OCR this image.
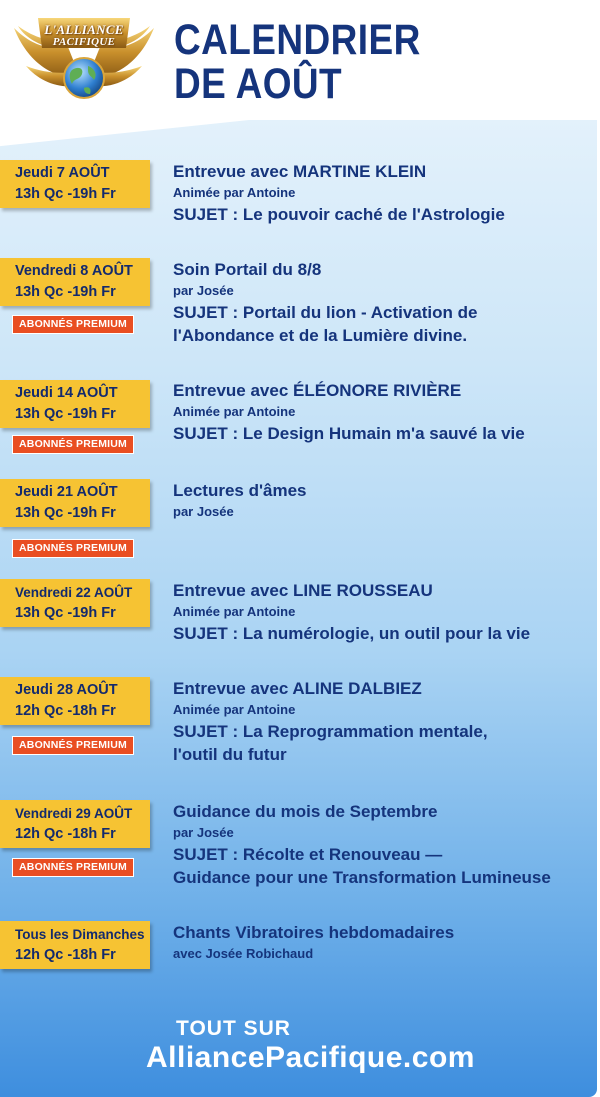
L'ALLIANCE
PACIFIQUE	CALENDRIER
DE AOÛT
Jeudi 7 AOÛT
13h Qc -19h Fr
Entrevue avec MARTINE KLEIN
Animée par Antoine
SUJET : Le pouvoir caché de l'Astrologie
Vendredi 8 AOÛT
13h Qc -19h Fr
ABONNÉS PREMIUM
Soin Portail du 8/8
par Josée
SUJET : Portail du lion - Activation de
l'Abondance et de la Lumière divine.
Jeudi 14 AOÛT
13h Qc -19h Fr
ABONNÉS PREMIUM
Entrevue avec ÉLÉONORE RIVIÈRE
Animée par Antoine
SUJET : Le Design Humain m'a sauvé la vie
Jeudi 21 AOÛT
13h Qc -19h Fr
ABONNÉS PREMIUM
Lectures d'âmes
par Josée
Vendredi 22 AOÛT
13h Qc -19h Fr
Entrevue avec LINE ROUSSEAU
Animée par Antoine
SUJET : La numérologie, un outil pour la vie
Jeudi 28 AOÛT
12h Qc -18h Fr
ABONNÉS PREMIUM
Entrevue avec ALINE DALBIEZ
Animée par Antoine
SUJET : La Reprogrammation mentale,
l'outil du futur
Vendredi 29 AOÛT
12h Qc -18h Fr
ABONNÉS PREMIUM
Guidance du mois de Septembre
par Josée
SUJET : Récolte et Renouveau —
Guidance pour une Transformation Lumineuse
Tous les Dimanches
12h Qc -18h Fr
Chants Vibratoires hebdomadaires
avec Josée Robichaud
TOUT SUR
AlliancePacifique.com
